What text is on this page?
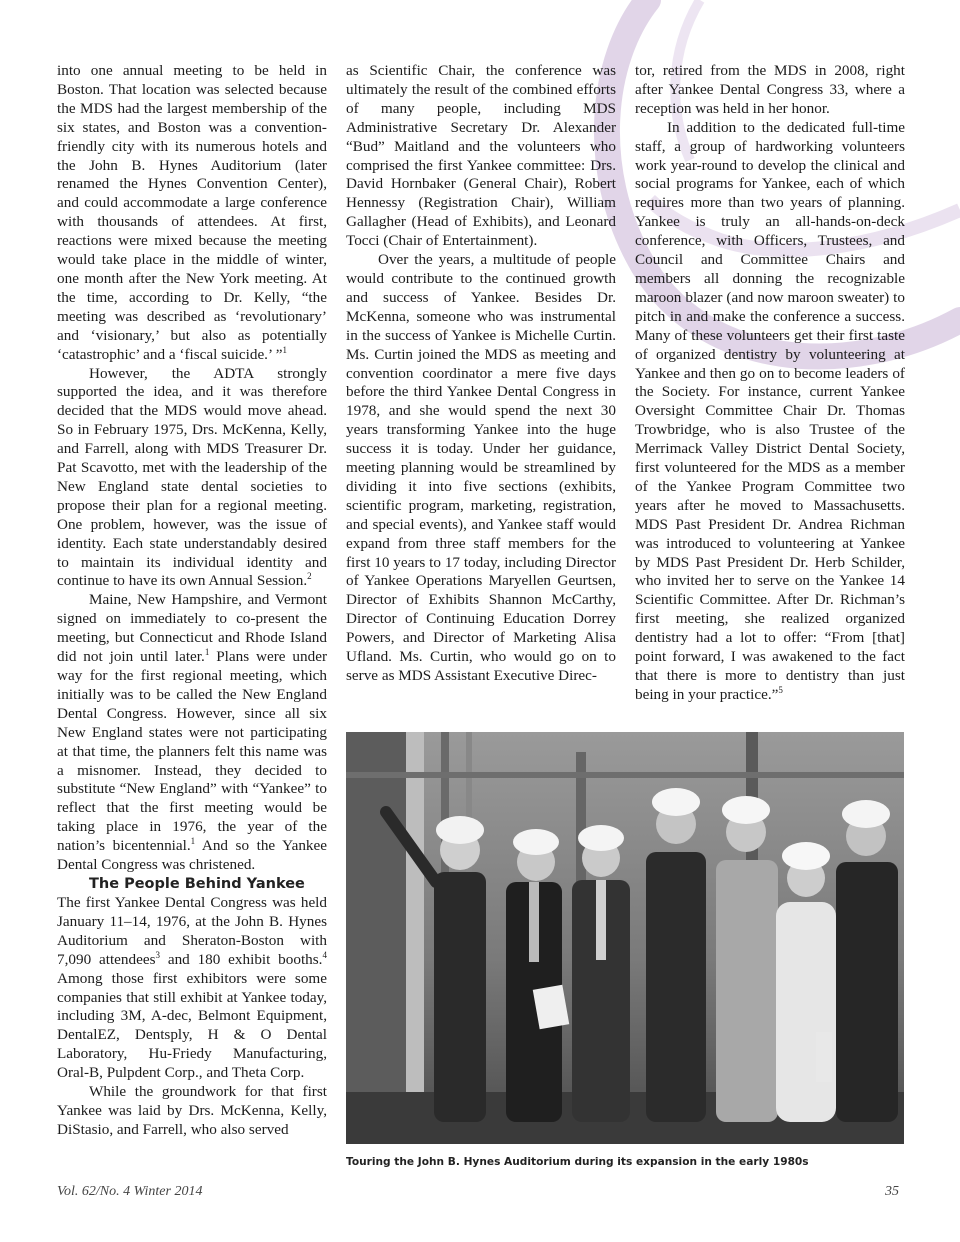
into one annual meeting to be held in Boston. That location was selected because the MDS had the largest membership of the six states, and Boston was a convention-friendly city with its numerous hotels and the John B. Hynes Auditorium (later renamed the Hynes Convention Center), and could accommodate a large conference with thousands of attendees. At first, reactions were mixed because the meeting would take place in the middle of winter, one month after the New York meeting. At the time, according to Dr. Kelly, “the meeting was described as ‘revolutionary’ and ‘visionary,’ but also as potentially ‘catastrophic’ and a ‘fiscal suicide.’ ”$^1$

However, the ADTA strongly supported the idea, and it was therefore decided that the MDS would move ahead. So in February 1975, Drs. McKenna, Kelly, and Farrell, along with MDS Treasurer Dr. Pat Scavotto, met with the leadership of the New England state dental societies to propose their plan for a regional meeting. One problem, however, was the issue of identity. Each state understandably desired to maintain its individual identity and continue to have its own Annual Session.$^2$

Maine, New Hampshire, and Vermont signed on immediately to co-present the meeting, but Connecticut and Rhode Island did not join until later.$^1$ Plans were under way for the first regional meeting, which initially was to be called the New England Dental Congress. However, since all six New England states were not participating at that time, the planners felt this name was a misnomer. Instead, they decided to substitute “New England” with “Yankee” to reflect that the first meeting would be taking place in 1976, the year of the nation’s bicentennial.$^1$ And so the Yankee Dental Congress was christened.

The People Behind Yankee

The first Yankee Dental Congress was held January 11–14, 1976, at the John B. Hynes Auditorium and Sheraton-Boston with 7,090 attendees$^3$ and 180 exhibit booths.$^4$ Among those first exhibitors were some companies that still exhibit at Yankee today, including 3M, A-dec, Belmont Equipment, DentalEZ, Dentsply, H & O Dental Laboratory, Hu-Friedy Manufacturing, Oral-B, Pulpdent Corp., and Theta Corp.

While the groundwork for that first Yankee was laid by Drs. McKenna, Kelly, DiStasio, and Farrell, who also served

as Scientific Chair, the conference was ultimately the result of the combined efforts of many people, including MDS Administrative Secretary Dr. Alexander “Bud” Maitland and the volunteers who comprised the first Yankee committee: Drs. David Hornbaker (General Chair), Robert Hennessy (Registration Chair), William Gallagher (Head of Exhibits), and Leonard Tocci (Chair of Entertainment).

Over the years, a multitude of people would contribute to the continued growth and success of Yankee. Besides Dr. McKenna, someone who was instrumental in the success of Yankee is Michelle Curtin. Ms. Curtin joined the MDS as meeting and convention coordinator a mere five days before the third Yankee Dental Congress in 1978, and she would spend the next 30 years transforming Yankee into the huge success it is today. Under her guidance, meeting planning would be streamlined by dividing it into five sections (exhibits, scientific program, marketing, registration, and special events), and Yankee staff would expand from three staff members for the first 10 years to 17 today, including Director of Yankee Operations Maryellen Geurtsen, Director of Exhibits Shannon McCarthy, Director of Continuing Education Dorrey Powers, and Director of Marketing Alisa Ufland. Ms. Curtin, who would go on to serve as MDS Assistant Executive Direc-

tor, retired from the MDS in 2008, right after Yankee Dental Congress 33, where a reception was held in her honor.

In addition to the dedicated full-time staff, a group of hardworking volunteers work year-round to develop the clinical and social programs for Yankee, each of which requires more than two years of planning. Yankee is truly an all-hands-on-deck conference, with Officers, Trustees, and Council and Committee Chairs and members all donning the recognizable maroon blazer (and now maroon sweater) to pitch in and make the conference a success. Many of these volunteers get their first taste of organized dentistry by volunteering at Yankee and then go on to become leaders of the Society. For instance, current Yankee Oversight Committee Chair Dr. Thomas Trowbridge, who is also Trustee of the Merrimack Valley District Dental Society, first volunteered for the MDS as a member of the Yankee Program Committee two years after he moved to Massachusetts. MDS Past President Dr. Andrea Richman was introduced to volunteering at Yankee by MDS Past President Dr. Herb Schilder, who invited her to serve on the Yankee 14 Scientific Committee. After Dr. Richman’s first meeting, she realized organized dentistry had a lot to offer: “From [that] point forward, I was awakened to the fact that there is more to dentistry than just being in your practice.”$^5$

Touring the John B. Hynes Auditorium during its expansion in the early 1980s
Vol. 62/No. 4 Winter 2014	35
